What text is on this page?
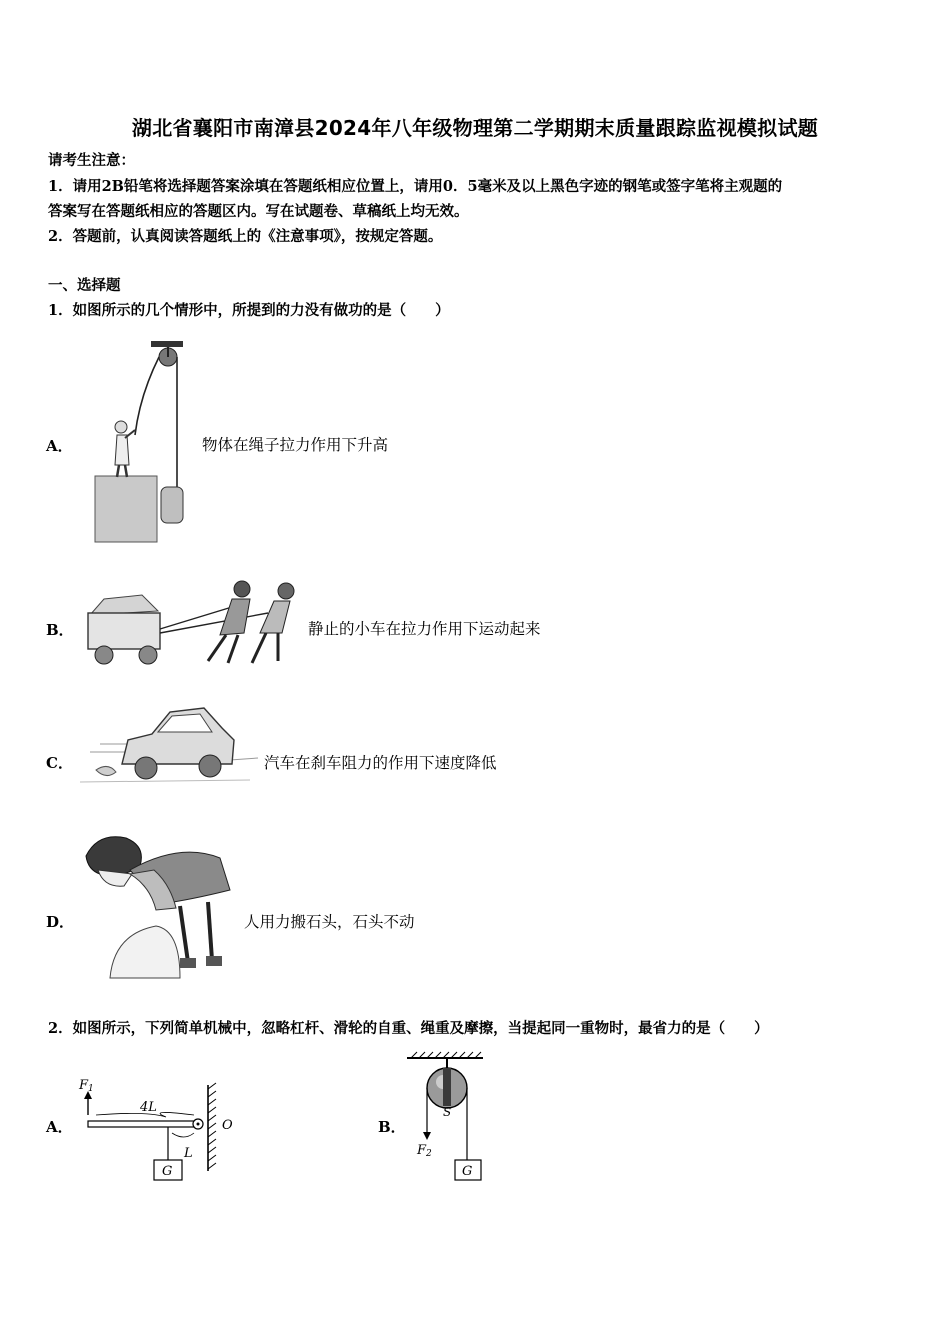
湖北省襄阳市南漳县2024年八年级物理第二学期期末质量跟踪监视模拟试题
请考生注意：
1．请用2B铅笔将选择题答案涂填在答题纸相应位置上，请用0．5毫米及以上黑色字迹的钢笔或签字笔将主观题的
答案写在答题纸相应的答题区内。写在试题卷、草稿纸上均无效。
2．答题前，认真阅读答题纸上的《注意事项》，按规定答题。
一、选择题
1．如图所示的几个情形中，所提到的力没有做功的是（　　）
A．	物体在绳子拉力作用下升高
B．	静止的小车在拉力作用下运动起来
C．	汽车在刹车阻力的作用下速度降低
D．	人用力搬石头，石头不动
2．如图所示，下列简单机械中，忽略杠杆、滑轮的自重、绳重及摩擦，当提起同一重物时，最省力的是（　　）
A．
F1
4L
O
L
G
B．
S
F2
G
